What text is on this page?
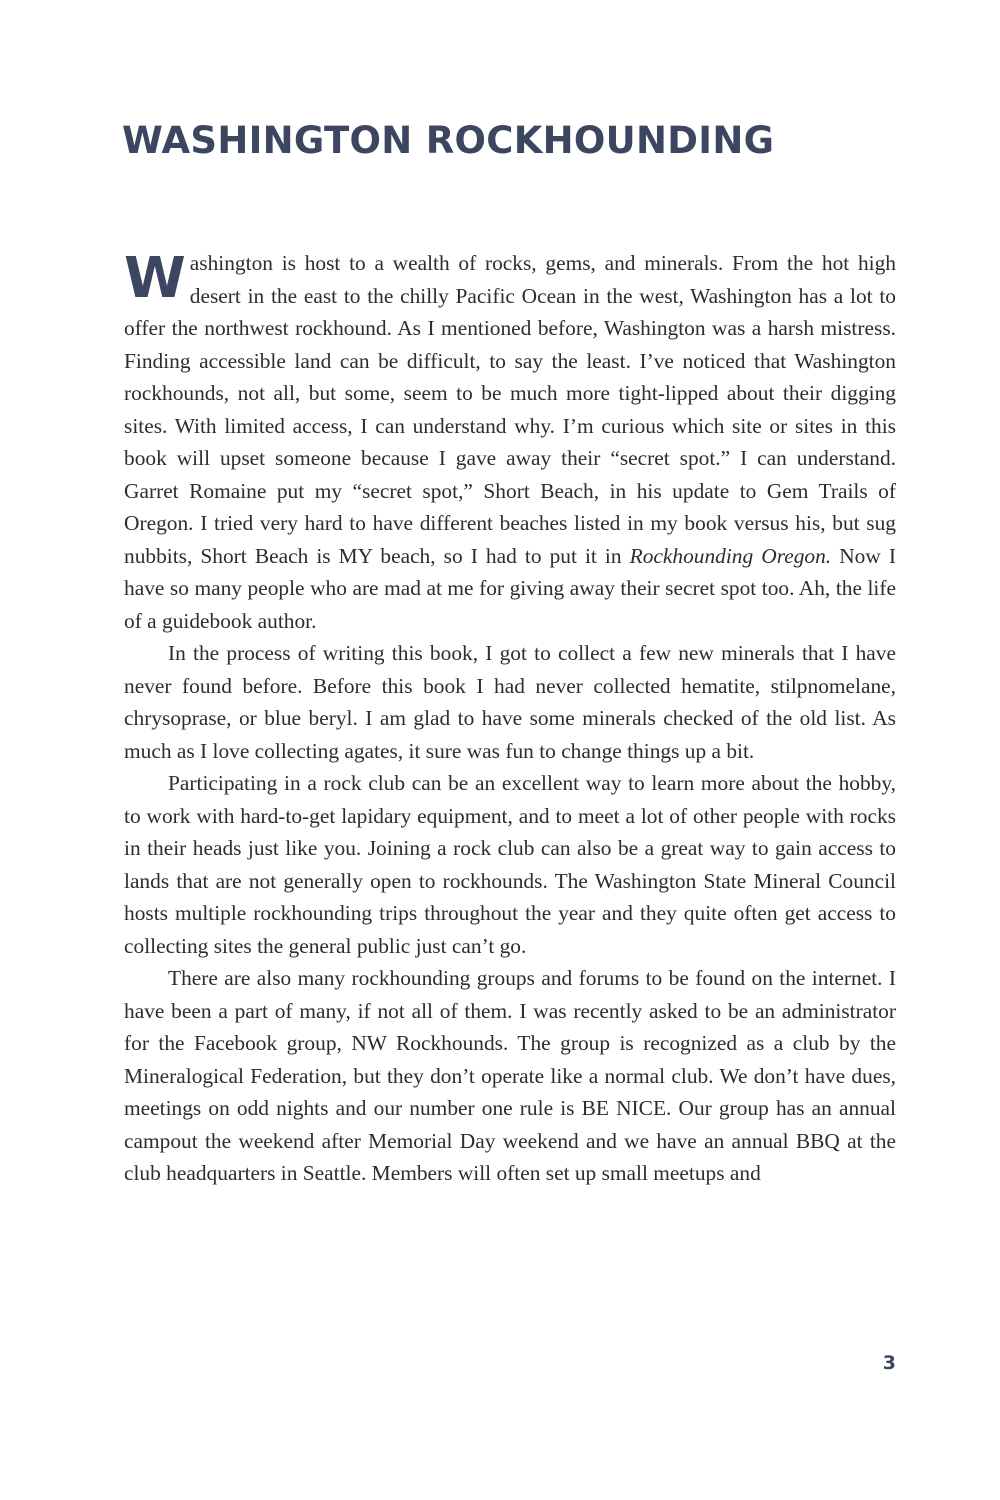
WASHINGTON ROCKHOUNDING

Washington is host to a wealth of rocks, gems, and minerals. From the hot high desert in the east to the chilly Pacific Ocean in the west, Washington has a lot to offer the northwest rockhound. As I mentioned before, Washington was a harsh mistress. Finding accessible land can be difficult, to say the least. I’ve noticed that Washington rockhounds, not all, but some, seem to be much more tight-lipped about their digging sites. With limited access, I can understand why. I’m curious which site or sites in this book will upset someone because I gave away their “secret spot.” I can understand. Garret Romaine put my “secret spot,” Short Beach, in his update to Gem Trails of Oregon. I tried very hard to have different beaches listed in my book versus his, but sug nubbits, Short Beach is MY beach, so I had to put it in Rockhounding Oregon. Now I have so many people who are mad at me for giving away their secret spot too. Ah, the life of a guidebook author.

In the process of writing this book, I got to collect a few new minerals that I have never found before. Before this book I had never collected hematite, stilpnomelane, chrysoprase, or blue beryl. I am glad to have some minerals checked of the old list. As much as I love collecting agates, it sure was fun to change things up a bit.

Participating in a rock club can be an excellent way to learn more about the hobby, to work with hard-to-get lapidary equipment, and to meet a lot of other people with rocks in their heads just like you. Joining a rock club can also be a great way to gain access to lands that are not generally open to rockhounds. The Washington State Mineral Council hosts multiple rockhounding trips throughout the year and they quite often get access to collecting sites the general public just can’t go.

There are also many rockhounding groups and forums to be found on the internet. I have been a part of many, if not all of them. I was recently asked to be an administrator for the Facebook group, NW Rockhounds. The group is recognized as a club by the Mineralogical Federation, but they don’t operate like a normal club. We don’t have dues, meetings on odd nights and our number one rule is BE NICE. Our group has an annual campout the weekend after Memorial Day weekend and we have an annual BBQ at the club headquarters in Seattle. Members will often set up small meetups and

3
